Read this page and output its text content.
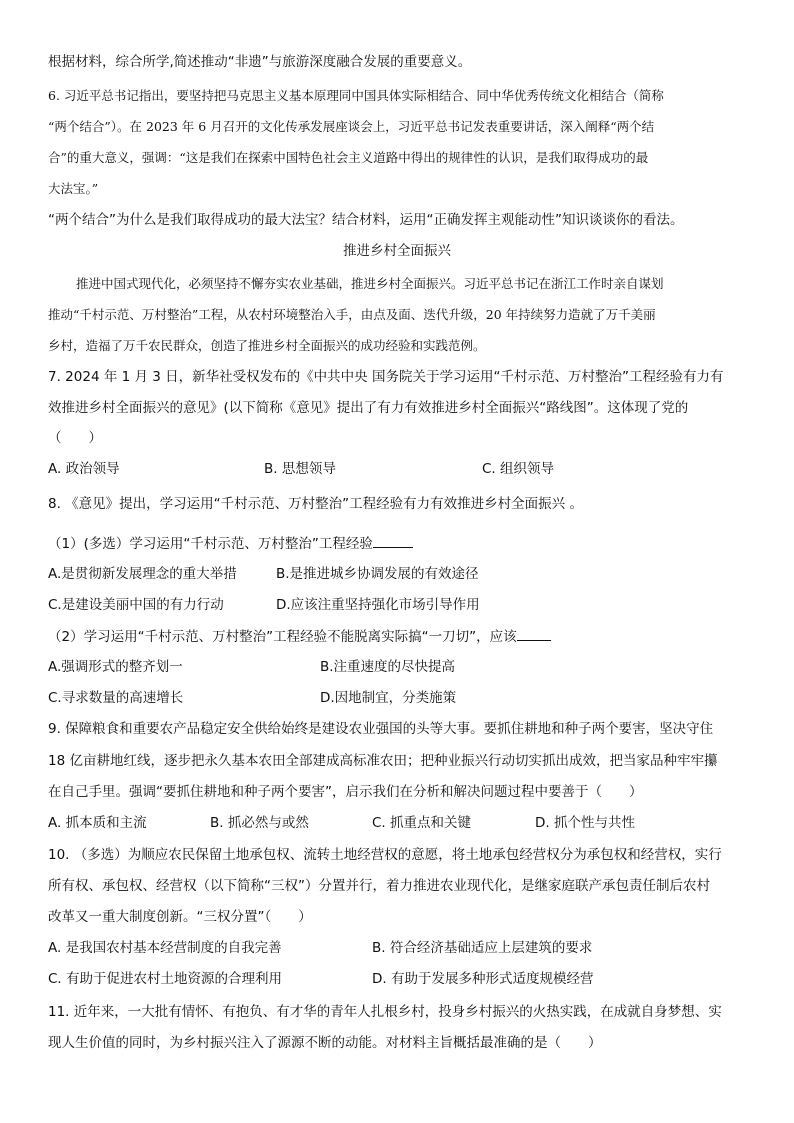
根据材料，综合所学,简述推动“非遗”与旅游深度融合发展的重要意义。
6. 习近平总书记指出，要坚持把马克思主义基本原理同中国具体实际相结合、同中华优秀传统文化相结合（简称
“两个结合”）。在 2023 年 6 月召开的文化传承发展座谈会上，习近平总书记发表重要讲话，深入阐释“两个结
合”的重大意义，强调：“这是我们在探索中国特色社会主义道路中得出的规律性的认识，是我们取得成功的最
大法宝。”
“两个结合”为什么是我们取得成功的最大法宝？结合材料，运用“正确发挥主观能动性”知识谈谈你的看法。
推进乡村全面振兴
推进中国式现代化，必须坚持不懈夯实农业基础，推进乡村全面振兴。习近平总书记在浙江工作时亲自谋划
推动“千村示范、万村整治”工程，从农村环境整治入手，由点及面、迭代升级，20 年持续努力造就了万千美丽
乡村，造福了万千农民群众，创造了推进乡村全面振兴的成功经验和实践范例。
7. 2024 年 1 月 3 日，新华社受权发布的《中共中央 国务院关于学习运用“千村示范、万村整治”工程经验有力有
效推进乡村全面振兴的意见》(以下简称《意见》提出了有力有效推进乡村全面振兴“路线图”。这体现了党的
（　　）
A. 政治领导	B. 思想领导	C. 组织领导
8. 《意见》提出，学习运用“千村示范、万村整治”工程经验有力有效推进乡村全面振兴 。
（1）(多选）学习运用“千村示范、万村整治”工程经验
A.是贯彻新发展理念的重大举措	B.是推进城乡协调发展的有效途径
C.是建设美丽中国的有力行动	D.应该注重坚持强化市场引导作用
（2）学习运用“千村示范、万村整治”工程经验不能脱离实际搞“一刀切”，应该
A.强调形式的整齐划一	B.注重速度的尽快提高
C.寻求数量的高速增长	D.因地制宜，分类施策
9. 保障粮食和重要农产品稳定安全供给始终是建设农业强国的头等大事。要抓住耕地和种子两个要害，坚决守住
18 亿亩耕地红线，逐步把永久基本农田全部建成高标准农田；把种业振兴行动切实抓出成效，把当家品种牢牢攥
在自己手里。强调“要抓住耕地和种子两个要害”，启示我们在分析和解决问题过程中要善于（　　）
A. 抓本质和主流	B. 抓必然与或然	C. 抓重点和关键	D. 抓个性与共性
10. （多选）为顺应农民保留土地承包权、流转土地经营权的意愿，将土地承包经营权分为承包权和经营权，实行
所有权、承包权、经营权（以下简称“三权”）分置并行，着力推进农业现代化，是继家庭联产承包责任制后农村
改革又一重大制度创新。“三权分置”（　　）
A. 是我国农村基本经营制度的自我完善	B. 符合经济基础适应上层建筑的要求
C. 有助于促进农村土地资源的合理利用	D. 有助于发展多种形式适度规模经营
11. 近年来，一大批有情怀、有抱负、有才华的青年人扎根乡村，投身乡村振兴的火热实践，在成就自身梦想、实
现人生价值的同时，为乡村振兴注入了源源不断的动能。对材料主旨概括最准确的是（　　）
